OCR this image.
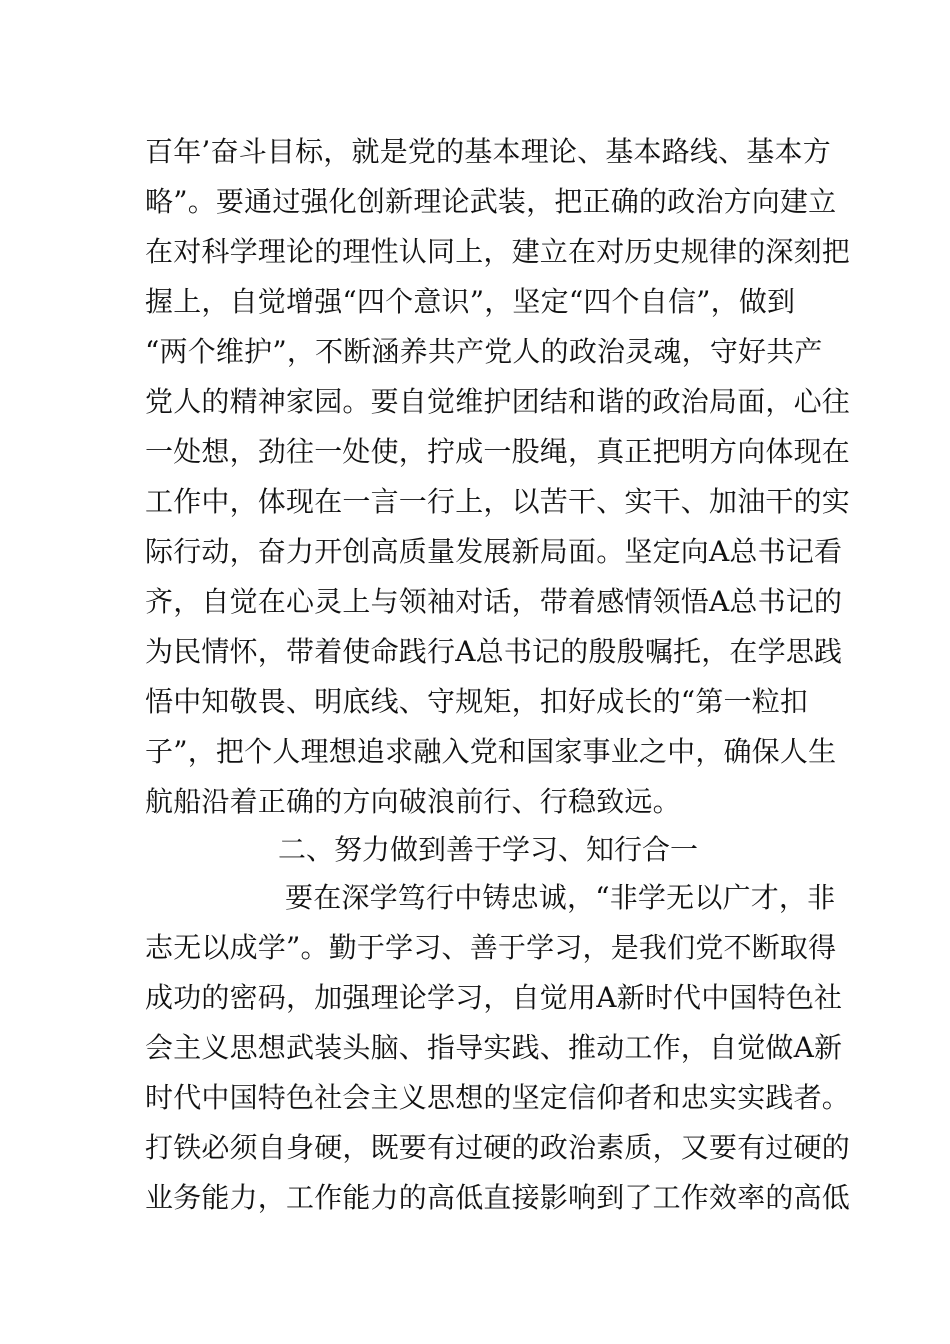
百年’奋斗目标，就是党的基本理论、基本路线、基本方
略”。要通过强化创新理论武装，把正确的政治方向建立
在对科学理论的理性认同上，建立在对历史规律的深刻把
握上，自觉增强“四个意识”，坚定“四个自信”，做到
“两个维护”，不断涵养共产党人的政治灵魂，守好共产
党人的精神家园。要自觉维护团结和谐的政治局面，心往
一处想，劲往一处使，拧成一股绳，真正把明方向体现在
工作中，体现在一言一行上，以苦干、实干、加油干的实
际行动，奋力开创高质量发展新局面。坚定向A总书记看
齐，自觉在心灵上与领袖对话，带着感情领悟A总书记的
为民情怀，带着使命践行A总书记的殷殷嘱托，在学思践
悟中知敬畏、明底线、守规矩，扣好成长的“第一粒扣
子”，把个人理想追求融入党和国家事业之中，确保人生
航船沿着正确的方向破浪前行、行稳致远。
二、努力做到善于学习、知行合一
要在深学笃行中铸忠诚，“非学无以广才，非
志无以成学”。勤于学习、善于学习，是我们党不断取得
成功的密码，加强理论学习，自觉用A新时代中国特色社
会主义思想武装头脑、指导实践、推动工作，自觉做A新
时代中国特色社会主义思想的坚定信仰者和忠实实践者。
打铁必须自身硬，既要有过硬的政治素质，又要有过硬的
业务能力，工作能力的高低直接影响到了工作效率的高低
